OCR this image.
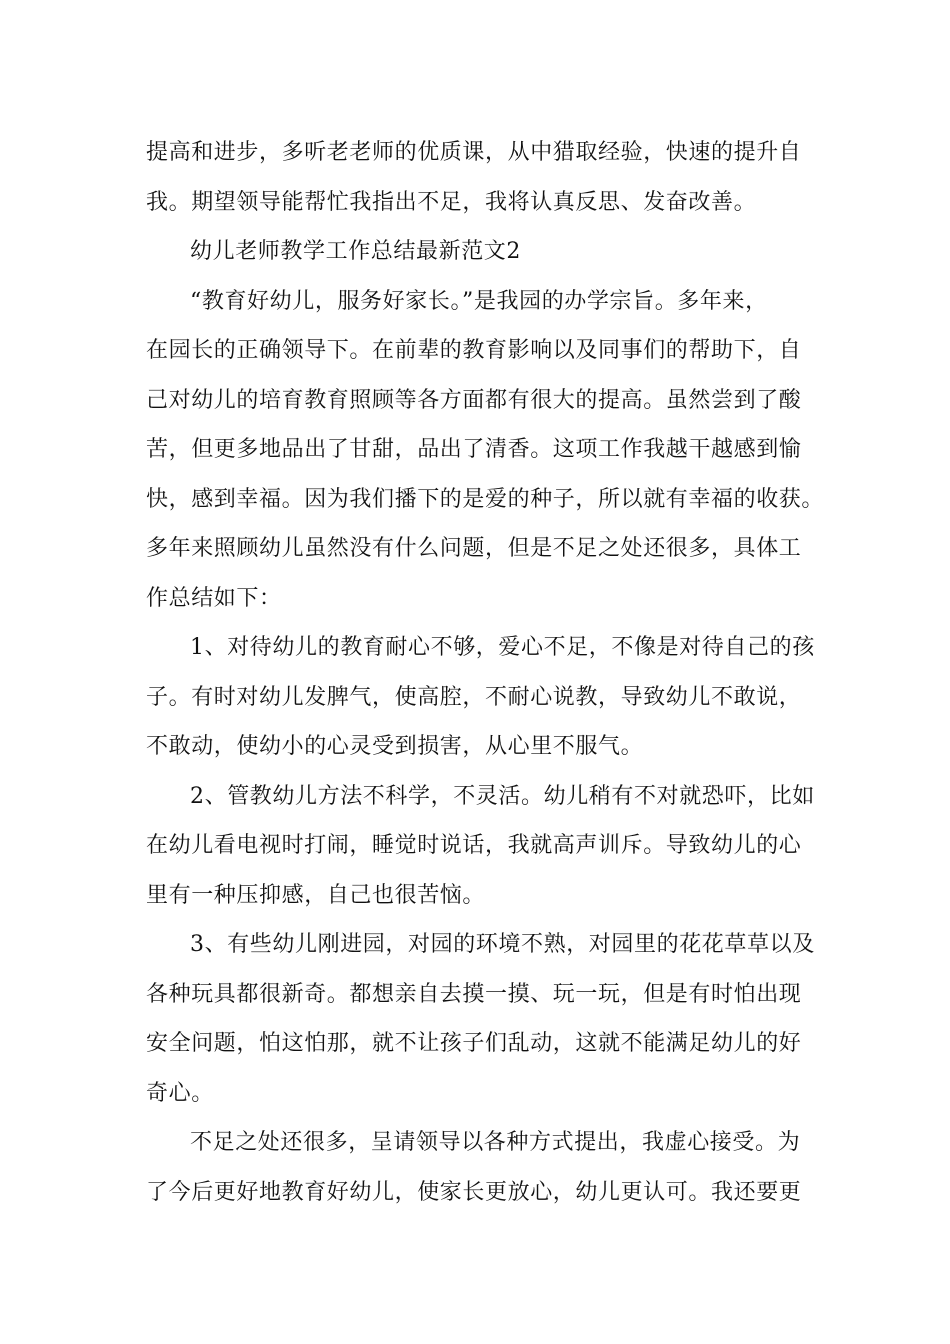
提高和进步，多听老老师的优质课，从中猎取经验，快速的提升自
我。期望领导能帮忙我指出不足，我将认真反思、发奋改善。
幼儿老师教学工作总结最新范文2
“教育好幼儿，服务好家长。”是我园的办学宗旨。多年来，
在园长的正确领导下。在前辈的教育影响以及同事们的帮助下，自
己对幼儿的培育教育照顾等各方面都有很大的提高。虽然尝到了酸
苦，但更多地品出了甘甜，品出了清香。这项工作我越干越感到愉
快，感到幸福。因为我们播下的是爱的种子，所以就有幸福的收获。
多年来照顾幼儿虽然没有什么问题，但是不足之处还很多，具体工
作总结如下：
1、对待幼儿的教育耐心不够，爱心不足，不像是对待自己的孩
子。有时对幼儿发脾气，使高腔，不耐心说教，导致幼儿不敢说，
不敢动，使幼小的心灵受到损害，从心里不服气。
2、管教幼儿方法不科学，不灵活。幼儿稍有不对就恐吓，比如
在幼儿看电视时打闹，睡觉时说话，我就高声训斥。导致幼儿的心
里有一种压抑感，自己也很苦恼。
3、有些幼儿刚进园，对园的环境不熟，对园里的花花草草以及
各种玩具都很新奇。都想亲自去摸一摸、玩一玩，但是有时怕出现
安全问题，怕这怕那，就不让孩子们乱动，这就不能满足幼儿的好
奇心。
不足之处还很多，呈请领导以各种方式提出，我虚心接受。为
了今后更好地教育好幼儿，使家长更放心，幼儿更认可。我还要更
